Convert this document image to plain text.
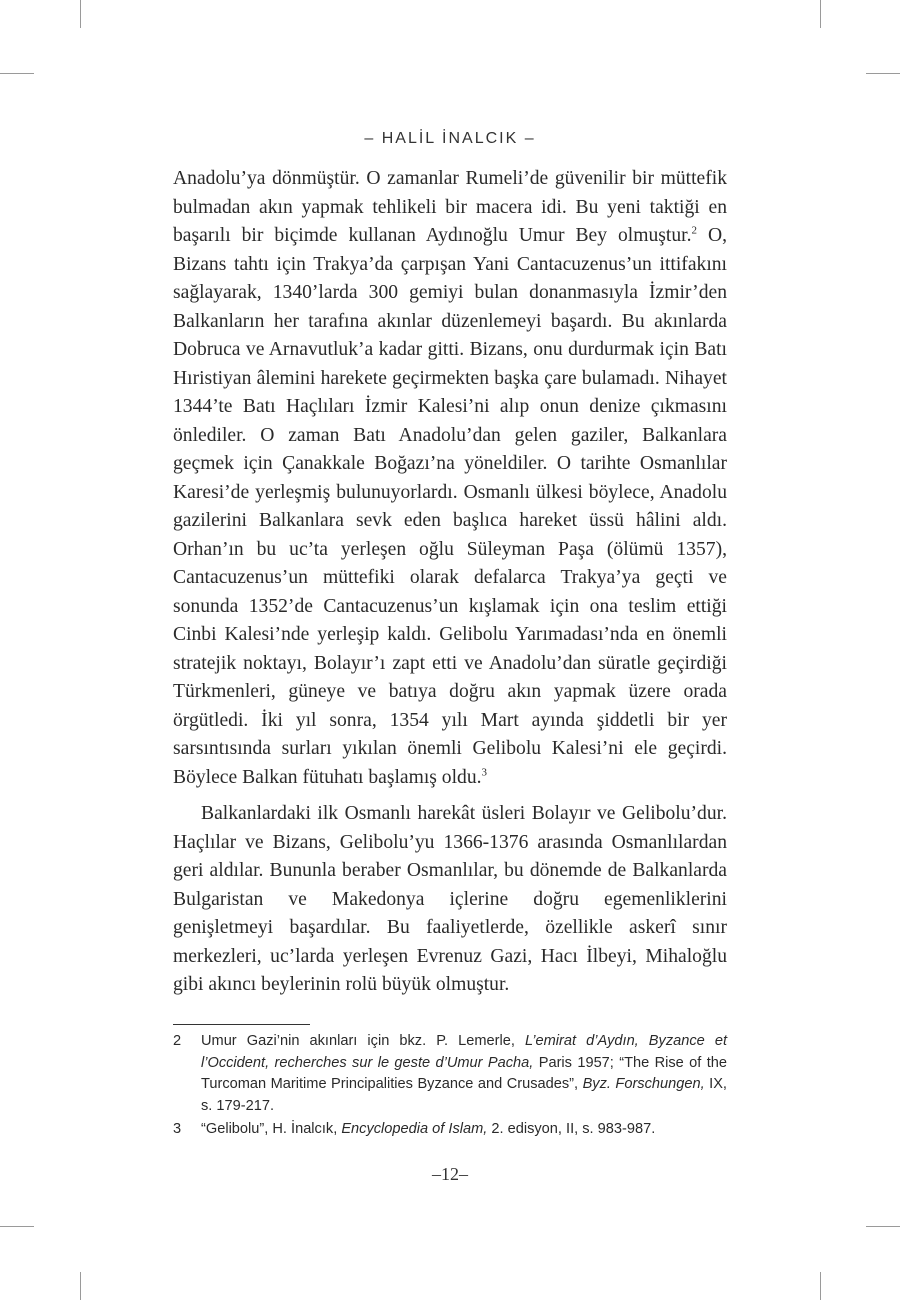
– HALİL İNALCIK –

Anadolu’ya dönmüştür. O zamanlar Rumeli’de güvenilir bir müttefik bulmadan akın yapmak tehlikeli bir macera idi. Bu yeni taktiği en başarılı bir biçimde kullanan Aydınoğlu Umur Bey olmuştur.$^2$ O, Bizans tahtı için Trakya’da çarpışan Yani Cantacuzenus’un ittifakını sağlayarak, 1340’larda 300 gemiyi bulan donanmasıyla İzmir’den Balkanların her tarafına akınlar düzenlemeyi başardı. Bu akınlarda Dobruca ve Arnavutluk’a kadar gitti. Bizans, onu durdurmak için Batı Hıristiyan âlemini harekete geçirmekten başka çare bulamadı. Nihayet 1344’te Batı Haçlıları İzmir Kalesi’ni alıp onun denize çıkmasını önlediler. O zaman Batı Anadolu’dan gelen gaziler, Balkanlara geçmek için Çanakkale Boğazı’na yöneldiler. O tarihte Osmanlılar Karesi’de yerleşmiş bulunuyorlardı. Osmanlı ülkesi böylece, Anadolu gazilerini Balkanlara sevk eden başlıca hareket üssü hâlini aldı. Orhan’ın bu uc’ta yerleşen oğlu Süleyman Paşa (ölümü 1357), Cantacuzenus’un müttefiki olarak defalarca Trakya’ya geçti ve sonunda 1352’de Cantacuzenus’un kışlamak için ona teslim ettiği Cinbi Kalesi’nde yerleşip kaldı. Gelibolu Yarımadası’nda en önemli stratejik noktayı, Bolayır’ı zapt etti ve Anadolu’dan süratle geçirdiği Türkmenleri, güneye ve batıya doğru akın yapmak üzere orada örgütledi. İki yıl sonra, 1354 yılı Mart ayında şiddetli bir yer sarsıntısında surları yıkılan önemli Gelibolu Kalesi’ni ele geçirdi. Böylece Balkan fütuhatı başlamış oldu.$^3$

Balkanlardaki ilk Osmanlı harekât üsleri Bolayır ve Gelibolu’dur. Haçlılar ve Bizans, Gelibolu’yu 1366-1376 arasında Osmanlılardan geri aldılar. Bununla beraber Osmanlılar, bu dönemde de Balkanlarda Bulgaristan ve Makedonya içlerine doğru egemenliklerini genişletmeyi başardılar. Bu faaliyetlerde, özellikle askerî sınır merkezleri, uc’larda yerleşen Evrenuz Gazi, Hacı İlbeyi, Mihaloğlu gibi akıncı beylerinin rolü büyük olmuştur.

2	Umur Gazi’nin akınları için bkz. P. Lemerle, L’emirat d’Aydın, Byzance et l’Occident, recherches sur le geste d’Umur Pacha, Paris 1957; “The Rise of the Turcoman Maritime Principalities Byzance and Crusades”, Byz. Forschungen, IX, s. 179-217.
3	“Gelibolu”, H. İnalcık, Encyclopedia of Islam, 2. edisyon, II, s. 983-987.
–12–
